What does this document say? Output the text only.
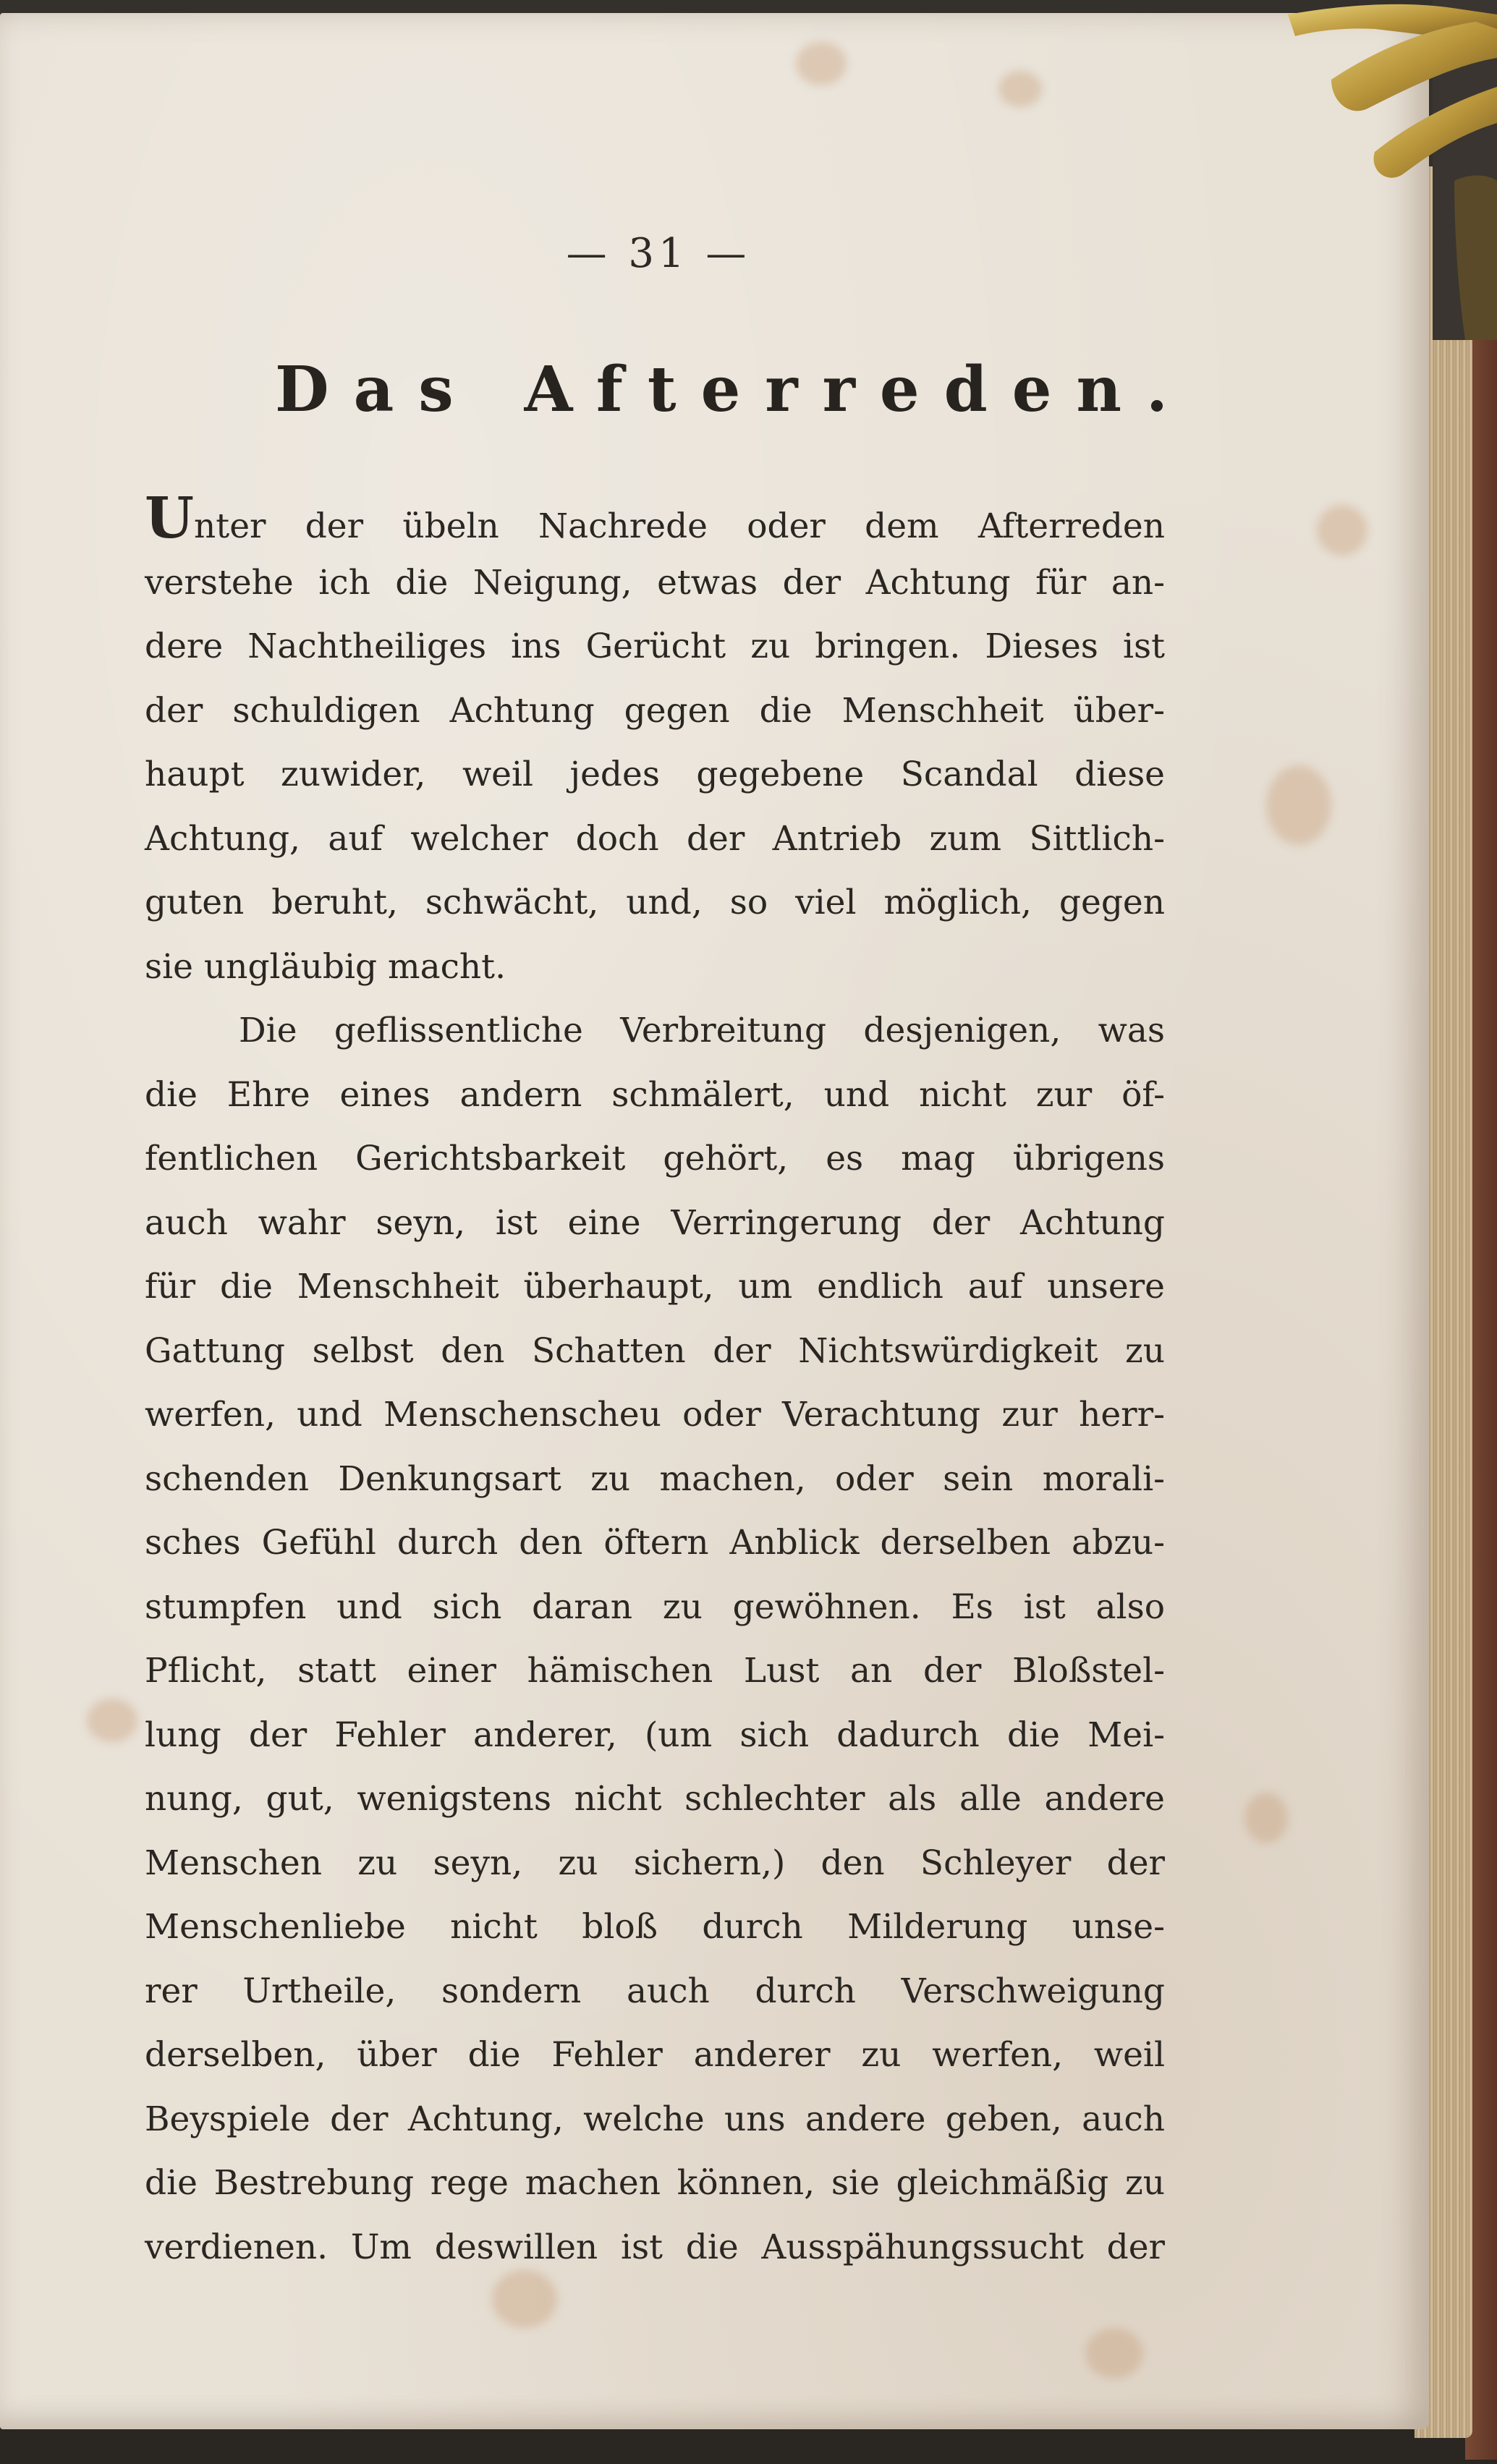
— 31 —
Das Afterreden.
Unter der übeln Nachrede oder dem Afterreden
verstehe ich die Neigung, etwas der Achtung für an-
dere Nachtheiliges ins Gerücht zu bringen. Dieses ist
der schuldigen Achtung gegen die Menschheit über-
haupt zuwider, weil jedes gegebene Scandal diese
Achtung, auf welcher doch der Antrieb zum Sittlich-
guten beruht, schwächt, und, so viel möglich, gegen
sie ungläubig macht.
Die geflissentliche Verbreitung desjenigen, was
die Ehre eines andern schmälert, und nicht zur öf-
fentlichen Gerichtsbarkeit gehört, es mag übrigens
auch wahr seyn, ist eine Verringerung der Achtung
für die Menschheit überhaupt, um endlich auf unsere
Gattung selbst den Schatten der Nichtswürdigkeit zu
werfen, und Menschenscheu oder Verachtung zur herr-
schenden Denkungsart zu machen, oder sein morali-
sches Gefühl durch den öftern Anblick derselben abzu-
stumpfen und sich daran zu gewöhnen. Es ist also
Pflicht, statt einer hämischen Lust an der Bloßstel-
lung der Fehler anderer, (um sich dadurch die Mei-
nung, gut, wenigstens nicht schlechter als alle andere
Menschen zu seyn, zu sichern,) den Schleyer der
Menschenliebe nicht bloß durch Milderung unse-
rer Urtheile, sondern auch durch Verschweigung
derselben, über die Fehler anderer zu werfen, weil
Beyspiele der Achtung, welche uns andere geben, auch
die Bestrebung rege machen können, sie gleichmäßig zu
verdienen. Um deswillen ist die Ausspähungssucht der
